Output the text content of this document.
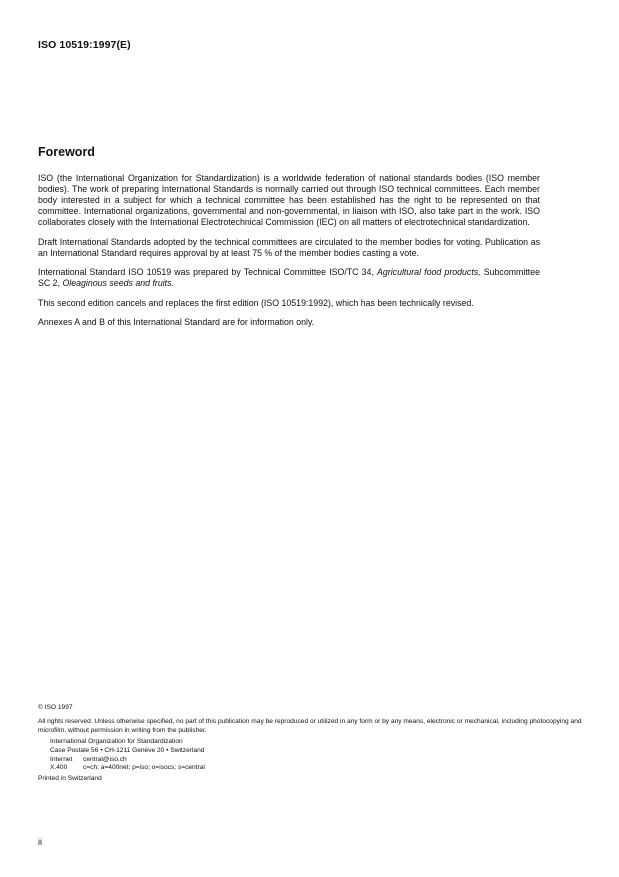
ISO 10519:1997(E)
Foreword

ISO (the International Organization for Standardization) is a worldwide federation of national standards bodies (ISO member bodies). The work of preparing International Standards is normally carried out through ISO technical committees. Each member body interested in a subject for which a technical committee has been established has the right to be represented on that committee. International organizations, governmental and non-governmental, in liaison with ISO, also take part in the work. ISO collaborates closely with the International Electrotechnical Commission (IEC) on all matters of electrotechnical standardization.

Draft International Standards adopted by the technical committees are circulated to the member bodies for voting. Publication as an International Standard requires approval by at least 75 % of the member bodies casting a vote.

International Standard ISO 10519 was prepared by Technical Committee ISO/TC 34, Agricultural food products, Subcommittee SC 2, Oleaginous seeds and fruits.

This second edition cancels and replaces the first edition (ISO 10519:1992), which has been technically revised.

Annexes A and B of this International Standard are for information only.

© ISO 1997

All rights reserved. Unless otherwise specified, no part of this publication may be reproduced or utilized in any form or by any means, electronic or mechanical, including photocopying and microfilm, without permission in writing from the publisher.

International Organization for Standardization

Case Postale 56 • CH-1211 Genève 20 • Switzerland

Internet	central@iso.ch
X.400	c=ch; a=400net; p=iso; o=isocs; s=central

Printed in Switzerland

ii
